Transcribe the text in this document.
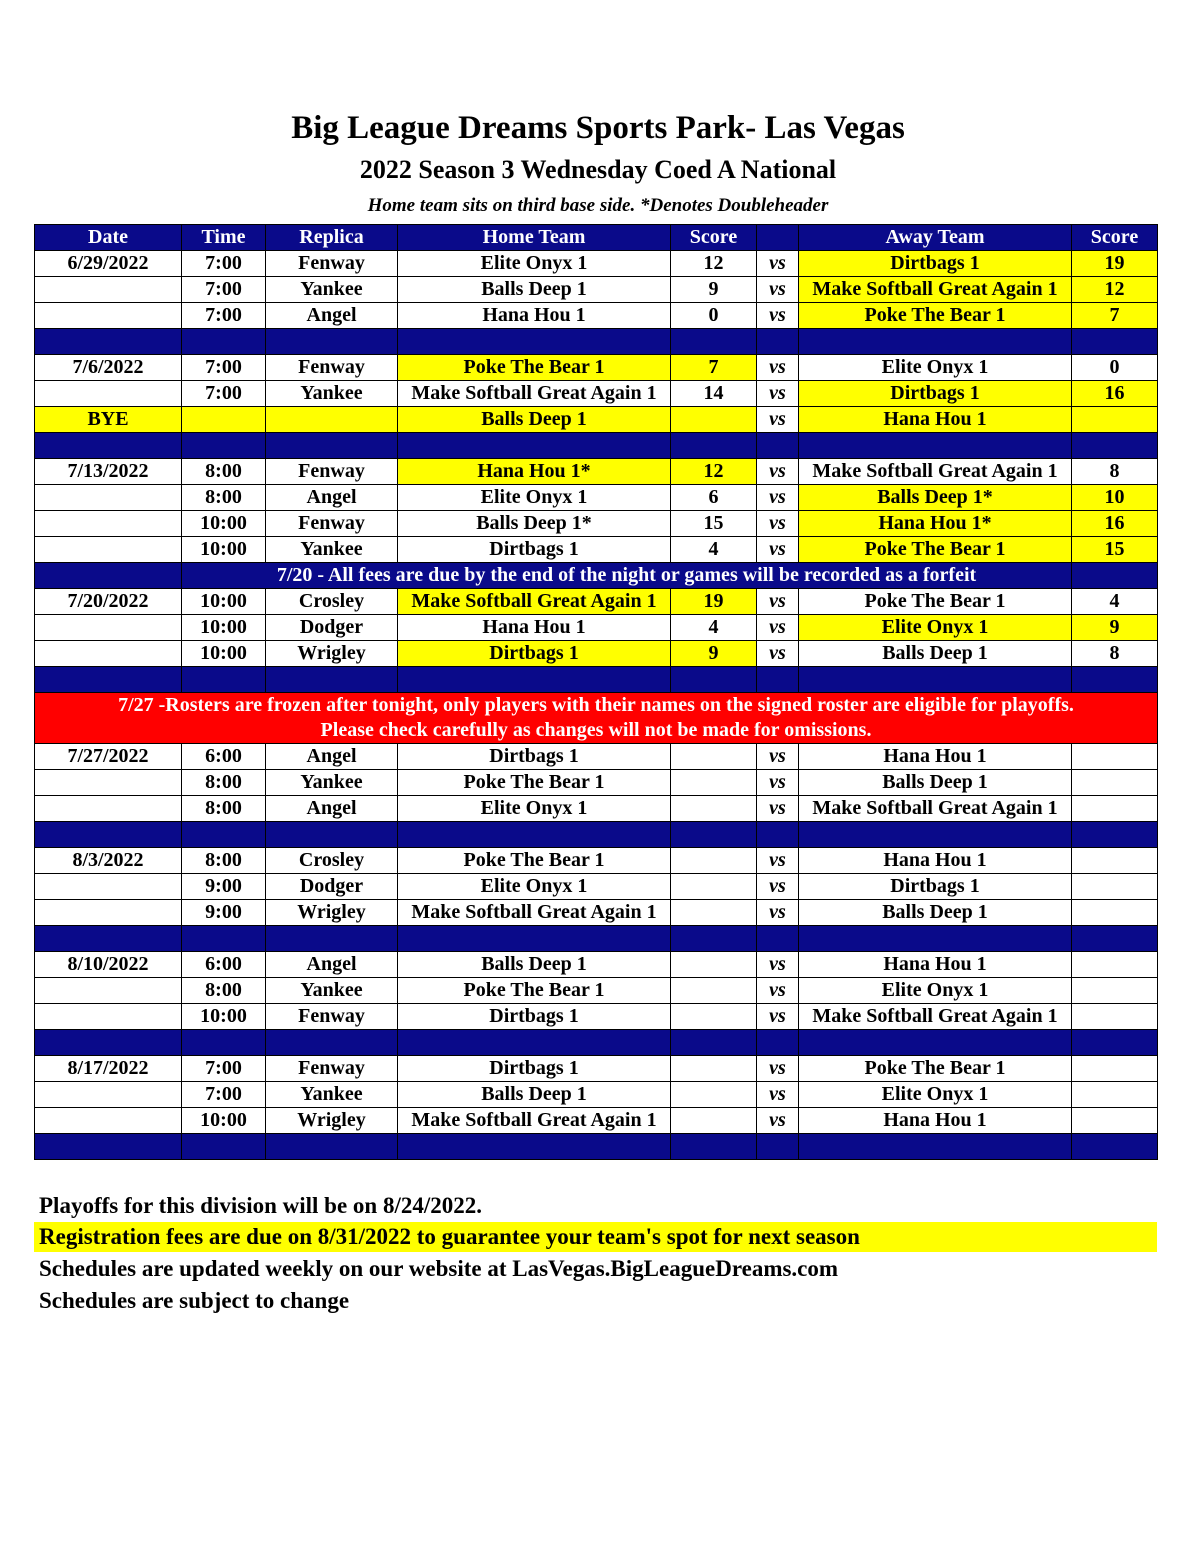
Big League Dreams Sports Park- Las Vegas
2022 Season 3 Wednesday Coed A National
Home team sits on third base side. *Denotes Doubleheader
Date	Time	Replica	Home Team	Score		Away Team	Score
6/29/2022	7:00	Fenway	Elite Onyx 1	12	vs	Dirtbags 1	19
	7:00	Yankee	Balls Deep 1	9	vs	Make Softball Great Again 1	12
	7:00	Angel	Hana Hou 1	0	vs	Poke The Bear 1	7

7/6/2022	7:00	Fenway	Poke The Bear 1	7	vs	Elite Onyx 1	0
	7:00	Yankee	Make Softball Great Again 1	14	vs	Dirtbags 1	16
BYE			Balls Deep 1		vs	Hana Hou 1	

7/13/2022	8:00	Fenway	Hana Hou 1*	12	vs	Make Softball Great Again 1	8
	8:00	Angel	Elite Onyx 1	6	vs	Balls Deep 1*	10
	10:00	Fenway	Balls Deep 1*	15	vs	Hana Hou 1*	16
	10:00	Yankee	Dirtbags 1	4	vs	Poke The Bear 1	15
	7/20 - All fees are due by the end of the night or games will be recorded as a forfeit						
7/20/2022	10:00	Crosley	Make Softball Great Again 1	19	vs	Poke The Bear 1	4
	10:00	Dodger	Hana Hou 1	4	vs	Elite Onyx 1	9
	10:00	Wrigley	Dirtbags 1	9	vs	Balls Deep 1	8

7/27 -Rosters are frozen after tonight, only players with their names on the signed roster are eligible for playoffs.
Please check carefully as changes will not be made for omissions.							

7/27/2022	6:00	Angel	Dirtbags 1		vs	Hana Hou 1	
	8:00	Yankee	Poke The Bear 1		vs	Balls Deep 1	
	8:00	Angel	Elite Onyx 1		vs	Make Softball Great Again 1	

8/3/2022	8:00	Crosley	Poke The Bear 1		vs	Hana Hou 1	
	9:00	Dodger	Elite Onyx 1		vs	Dirtbags 1	
	9:00	Wrigley	Make Softball Great Again 1		vs	Balls Deep 1	

8/10/2022	6:00	Angel	Balls Deep 1		vs	Hana Hou 1	
	8:00	Yankee	Poke The Bear 1		vs	Elite Onyx 1	
	10:00	Fenway	Dirtbags 1		vs	Make Softball Great Again 1	

8/17/2022	7:00	Fenway	Dirtbags 1		vs	Poke The Bear 1	
	7:00	Yankee	Balls Deep 1		vs	Elite Onyx 1	
	10:00	Wrigley	Make Softball Great Again 1		vs	Hana Hou 1	

Playoffs for this division will be on 8/24/2022.
Registration fees are due on 8/31/2022 to guarantee your team's spot for next season
Schedules are updated weekly on our website at LasVegas.BigLeagueDreams.com
Schedules are subject to change
